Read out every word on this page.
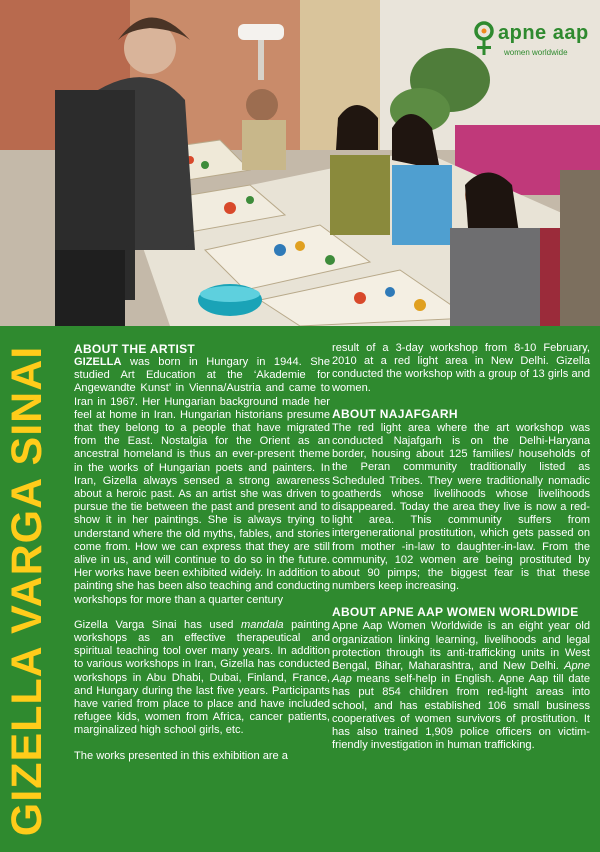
apne aap
women worldwide
GIZELLA VARGA SINAI ABOUT THE ARTIST

GIZELLA was born in Hungary in 1944. She studied Art Education at the ‘Akademie for Angewandte Kunst’ in Vienna/Austria and came to Iran in 1967. Her Hungarian background made her feel at home in Iran. Hungarian historians presume that they belong to a people that have migrated from the East. Nostalgia for the Orient as an ancestral homeland is thus an ever-present theme in the works of Hungarian poets and painters. In Iran, Gizella always sensed a strong awareness about a heroic past. As an artist she was driven to pursue the tie between the past and present and to show it in her paintings. She is always trying to understand where the old myths, fables, and stories come from. How we can express that they are still alive in us, and will continue to do so in the future. Her works have been exhibited widely. In addition to painting she has been also teaching and conducting workshops for more than a quarter century

Gizella Varga Sinai has used mandala painting workshops as an effective therapeutical and spiritual teaching tool over many years. In addition to various workshops in Iran, Gizella has conducted workshops in Abu Dhabi, Dubai, Finland, France, and Hungary during the last five years. Participants have varied from place to place and have included refugee kids, women from Africa, cancer patients, marginalized high school girls, etc.

The works presented in this exhibition are a

result of a 3-day workshop from 8-10 February, 2010 at a red light area in New Delhi. Gizella conducted the workshop with a group of 13 girls and women.

ABOUT NAJAFGARH

The red light area where the art workshop was conducted Najafgarh is on the Delhi-Haryana border, housing about 125 families/ households of the Peran community traditionally listed as Scheduled Tribes. They were traditionally nomadic goatherds whose livelihoods whose livelihoods disappeared. Today the area they live is now a red-light area. This community suffers from intergenerational prostitution, which gets passed on from mother -in-law to daughter-in-law. From the community, 102 women are being prostituted by about 90 pimps; the biggest fear is that these numbers keep increasing.

ABOUT APNE AAP WOMEN WORLDWIDE

Apne Aap Women Worldwide is an eight year old organization linking learning, livelihoods and legal protection through its anti-trafficking units in West Bengal, Bihar, Maharashtra, and New Delhi. Apne Aap means self-help in English. Apne Aap till date has put 854 children from red-light areas into school, and has established 106 small business cooperatives of women survivors of prostitution. It has also trained 1,909 police officers on victim-friendly investigation in human trafficking.
